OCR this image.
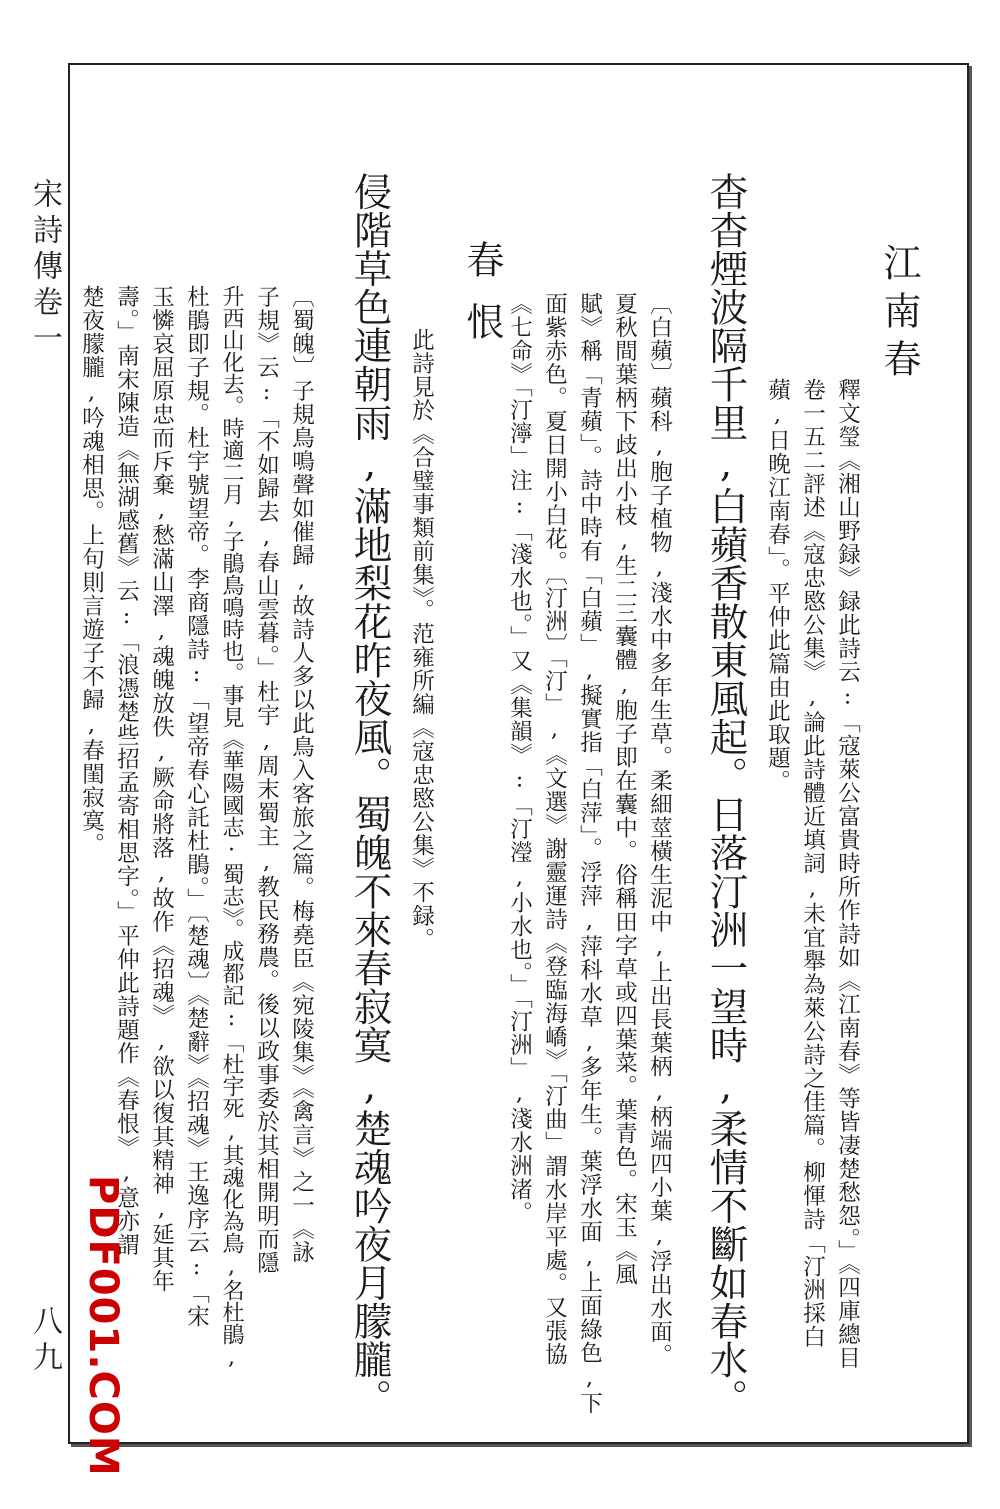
宋詩傳卷一
八九
江南春
釋文瑩《湘山野録》録此詩云:「寇萊公富貴時所作詩如《江南春》等皆凄楚愁怨。」《四庫總目
卷一五二評述《寇忠愍公集》,論此詩體近填詞,未宜舉為萊公詩之佳篇。柳惲詩「汀洲採白
蘋,日晚江南春」。平仲此篇由此取題。
杳杳煙波隔千里,白蘋香散東風起。日落汀洲一望時,柔情不斷如春水。
〔白蘋〕蘋科,胞子植物,淺水中多年生草。柔細莖橫生泥中,上出長葉柄,柄端四小葉,浮出水面。
夏秋間葉柄下歧出小枝,生二三囊體,胞子即在囊中。俗稱田字草或四葉菜。葉青色。宋玉《風
賦》稱「青蘋」。詩中時有「白蘋」,擬實指「白萍」。浮萍,萍科水草,多年生。葉浮水面,上面綠色,下
面紫赤色。夏日開小白花。〔汀洲〕「汀」,《文選》謝靈運詩《登臨海嶠》「汀曲」謂水岸平處。又張協
《七命》「汀濘」注:「淺水也。」又《集韻》:「汀瀅,小水也。」「汀洲」,淺水洲渚。
春恨
此詩見於《合璧事類前集》。范雍所編《寇忠愍公集》不録。
侵階草色連朝雨,滿地梨花昨夜風。蜀魄不來春寂寞,楚魂吟夜月朦朧。
〔蜀魄〕子規鳥鳴聲如催歸,故詩人多以此鳥入客旅之篇。梅堯臣《宛陵集》《禽言》之一《詠
子規》云:「不如歸去,春山雲暮。」杜宇,周末蜀主,教民務農。後以政事委於其相開明而隱
升西山化去。時適二月,子鵑鳥鳴時也。事見《華陽國志·蜀志》。成都記:「杜宇死,其魂化為鳥,名杜鵑,
杜鵑即子規。杜宇號望帝。李商隱詩:「望帝春心託杜鵑。」〔楚魂〕《楚辭》《招魂》王逸序云:「宋
玉憐哀屈原忠而斥棄,愁滿山澤,魂魄放佚,厥命將落,故作《招魂》,欲以復其精神,延其年
壽。」南宋陳造《無湖感舊》云:「浪憑楚些招孟寄相思字。」平仲此詩題作《春恨》,意亦謂
楚夜朦朧,吟魂相思。上句則言遊子不歸,春閨寂寞。
PDF001.COM
